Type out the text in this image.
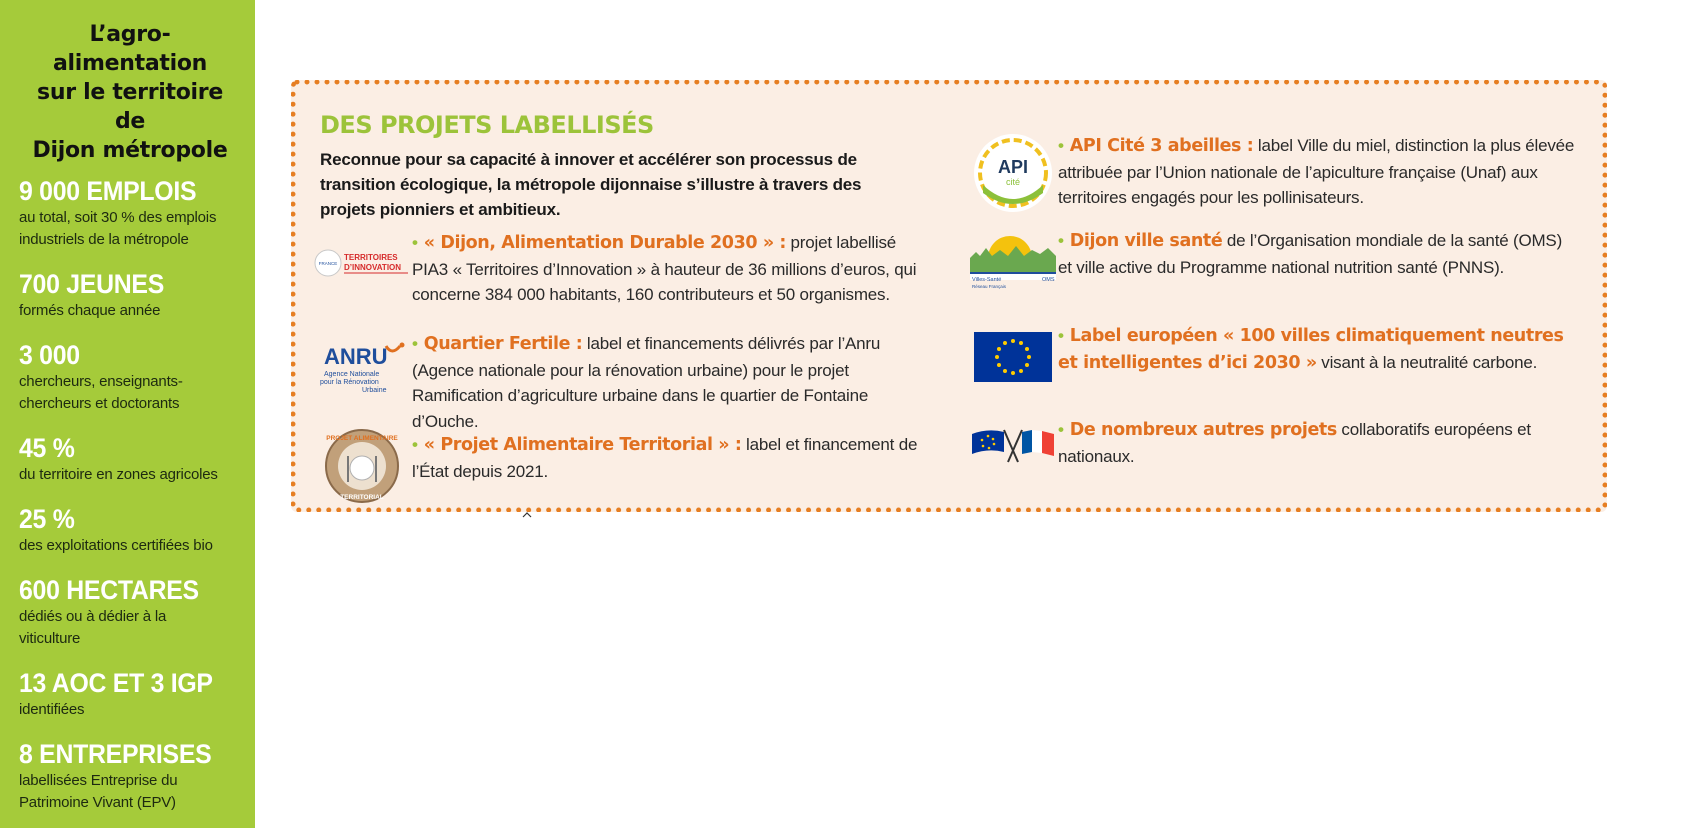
L’agro-
alimentation
sur le territoire de
Dijon métropole
9 000 EMPLOIS
au total, soit 30 % des emplois
industriels de la métropole
700 JEUNES
formés chaque année
3 000
chercheurs, enseignants-
chercheurs et doctorants
45 %
du territoire en zones agricoles
25 %
des exploitations certifiées bio
600 HECTARES
dédiés ou à dédier à la
viticulture
13 AOC ET 3 IGP
identifiées
8 ENTREPRISES
labellisées Entreprise du
Patrimoine Vivant (EPV)
DES PROJETS LABELLISÉS
Reconnue pour sa capacité à innover et accélérer son processus de transition écologique, la métropole dijonnaise s’illustre à travers des projets pionniers et ambitieux.
FRANCE
TERRITOIRES
D’INNOVATION
• « Dijon, Alimentation Durable 2030 » : projet labellisé PIA3 « Territoires d’Innovation » à hauteur de 36 millions d’euros, qui concerne 384 000 habitants, 160 contributeurs et 50 organismes.
ANRU
Agence Nationale
pour la Rénovation
Urbaine
• Quartier Fertile : label et financements délivrés par l’Anru (Agence nationale pour la rénovation urbaine) pour le projet Ramification d’agriculture urbaine dans le quartier de Fontaine d’Ouche.
PROJET ALIMENTAIRE
TERRITORIAL
• « Projet Alimentaire Territorial » : label et financement de l’État depuis 2021.
API
cité
• API Cité 3 abeilles : label Ville du miel, distinction la plus élevée attribuée par l’Union nationale de l’apiculture française (Unaf) aux territoires engagés pour les pollinisateurs.
Villes-Santé	OMS
Réseau Français
• Dijon ville santé de l’Organisation mondiale de la santé (OMS) et ville active du Programme national nutrition santé (PNNS).
• Label européen « 100 villes climatiquement neutres et intelligentes d’ici 2030 » visant à la neutralité carbone.
• De nombreux autres projets collaboratifs européens et nationaux.
